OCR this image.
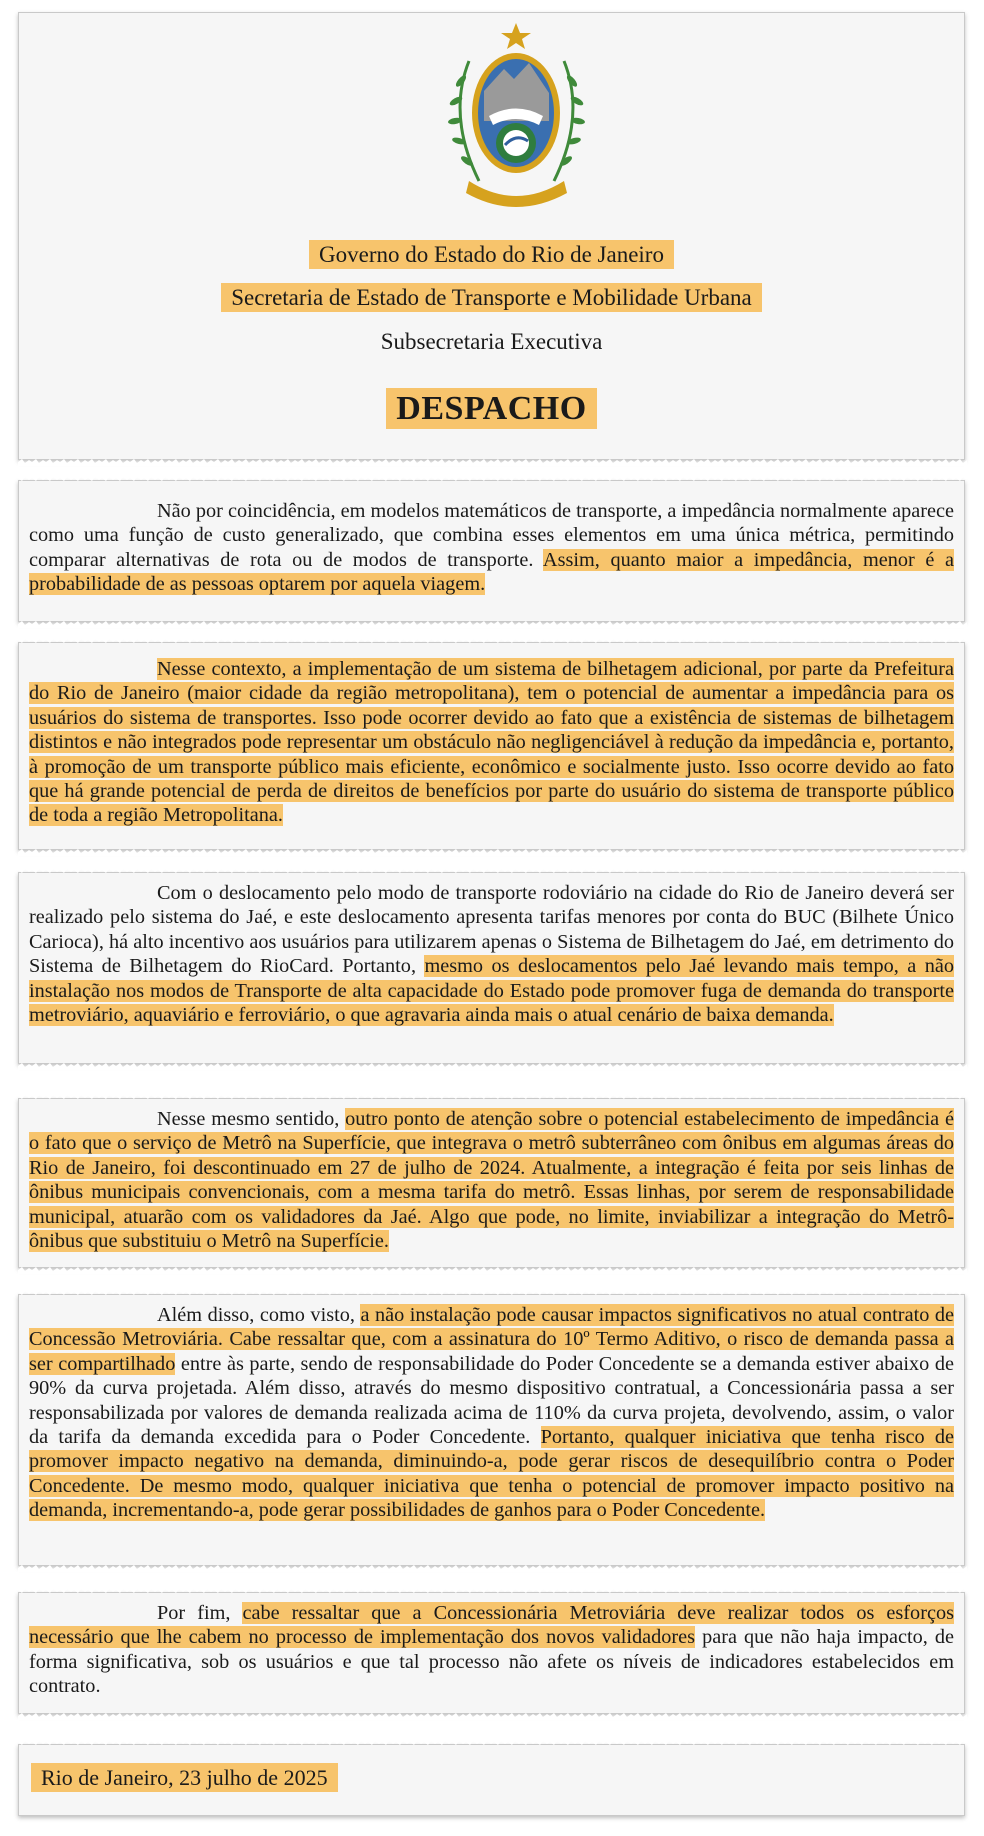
Governo do Estado do Rio de Janeiro
Secretaria de Estado de Transporte e Mobilidade Urbana
Subsecretaria Executiva
DESPACHO
Não por coincidência, em modelos matemáticos de transporte, a impedância normalmente aparece como uma função de custo generalizado, que combina esses elementos em uma única métrica, permitindo comparar alternativas de rota ou de modos de transporte. Assim, quanto maior a impedância, menor é a probabilidade de as pessoas optarem por aquela viagem.
Nesse contexto, a implementação de um sistema de bilhetagem adicional, por parte da Prefeitura do Rio de Janeiro (maior cidade da região metropolitana), tem o potencial de aumentar a impedância para os usuários do sistema de transportes. Isso pode ocorrer devido ao fato que a existência de sistemas de bilhetagem distintos e não integrados pode representar um obstáculo não negligenciável à redução da impedância e, portanto, à promoção de um transporte público mais eficiente, econômico e socialmente justo. Isso ocorre devido ao fato que há grande potencial de perda de direitos de benefícios por parte do usuário do sistema de transporte público de toda a região Metropolitana.
Com o deslocamento pelo modo de transporte rodoviário na cidade do Rio de Janeiro deverá ser realizado pelo sistema do Jaé, e este deslocamento apresenta tarifas menores por conta do BUC (Bilhete Único Carioca), há alto incentivo aos usuários para utilizarem apenas o Sistema de Bilhetagem do Jaé, em detrimento do Sistema de Bilhetagem do RioCard. Portanto, mesmo os deslocamentos pelo Jaé levando mais tempo, a não instalação nos modos de Transporte de alta capacidade do Estado pode promover fuga de demanda do transporte metroviário, aquaviário e ferroviário, o que agravaria ainda mais o atual cenário de baixa demanda.
Nesse mesmo sentido, outro ponto de atenção sobre o potencial estabelecimento de impedância é o fato que o serviço de Metrô na Superfície, que integrava o metrô subterrâneo com ônibus em algumas áreas do Rio de Janeiro, foi descontinuado em 27 de julho de 2024. Atualmente, a integração é feita por seis linhas de ônibus municipais convencionais, com a mesma tarifa do metrô. Essas linhas, por serem de responsabilidade municipal, atuarão com os validadores da Jaé. Algo que pode, no limite, inviabilizar a integração do Metrô-ônibus que substituiu o Metrô na Superfície.
Além disso, como visto, a não instalação pode causar impactos significativos no atual contrato de Concessão Metroviária. Cabe ressaltar que, com a assinatura do 10º Termo Aditivo, o risco de demanda passa a ser compartilhado entre às parte, sendo de responsabilidade do Poder Concedente se a demanda estiver abaixo de 90% da curva projetada. Além disso, através do mesmo dispositivo contratual, a Concessionária passa a ser responsabilizada por valores de demanda realizada acima de 110% da curva projeta, devolvendo, assim, o valor da tarifa da demanda excedida para o Poder Concedente. Portanto, qualquer iniciativa que tenha risco de promover impacto negativo na demanda, diminuindo-a, pode gerar riscos de desequilíbrio contra o Poder Concedente. De mesmo modo, qualquer iniciativa que tenha o potencial de promover impacto positivo na demanda, incrementando-a, pode gerar possibilidades de ganhos para o Poder Concedente.
Por fim, cabe ressaltar que a Concessionária Metroviária deve realizar todos os esforços necessário que lhe cabem no processo de implementação dos novos validadores para que não haja impacto, de forma significativa, sob os usuários e que tal processo não afete os níveis de indicadores estabelecidos em contrato.
Rio de Janeiro, 23 julho de 2025
